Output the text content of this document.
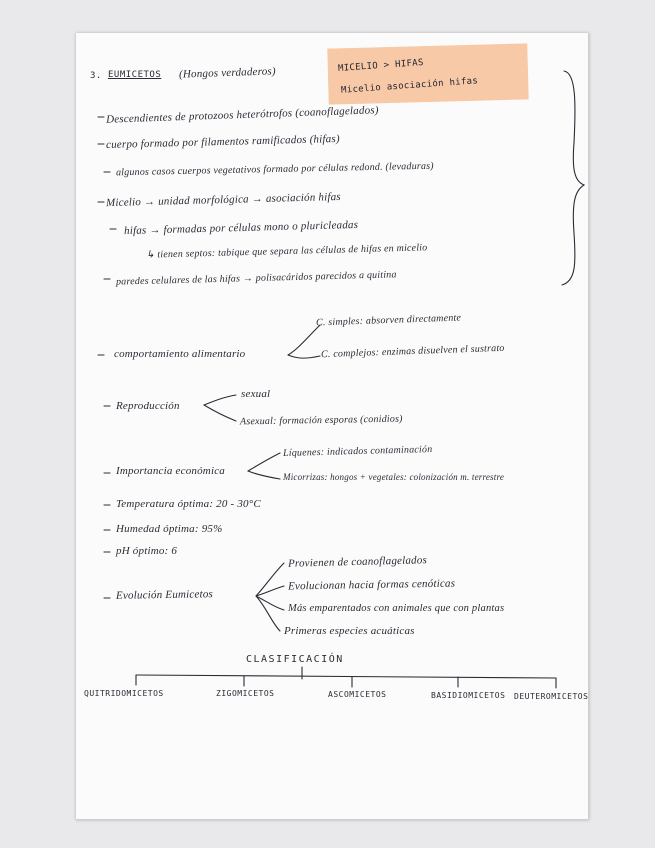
MICELIO > HIFAS
Micelio asociación hifas
3. EUMICETOS (Hongos verdaderos)
Descendientes de protozoos heterótrofos (coanoflagelados)
cuerpo formado por filamentos ramificados (hifas)
algunos casos cuerpos vegetativos formado por células redond. (levaduras)
Micelio → unidad morfológica → asociación hifas
hifas → formadas por células mono o pluricleadas
↳ tienen septos: tabique que separa las células de hifas en micelio
paredes celulares de las hifas → polisacáridos parecidos a quitina
comportamiento alimentario
C. simples: absorven directamente
C. complejos: enzimas disuelven el sustrato
Reproducción
sexual
Asexual: formación esporas (conidios)
Importancia económica
Líquenes: indicados contaminación
Micorrizas: hongos + vegetales: colonización m. terrestre
Temperatura óptima: 20 - 30°C
Humedad óptima: 95%
pH óptimo: 6
Evolución Eumicetos
Provienen de coanoflagelados
Evolucionan hacia formas cenóticas
Más emparentados con animales que con plantas
Primeras especies acuáticas
CLASIFICACIÓN
QUITRIDOMICETOS	ZIGOMICETOS	ASCOMICETOS	BASIDIOMICETOS DEUTEROMICETOS
